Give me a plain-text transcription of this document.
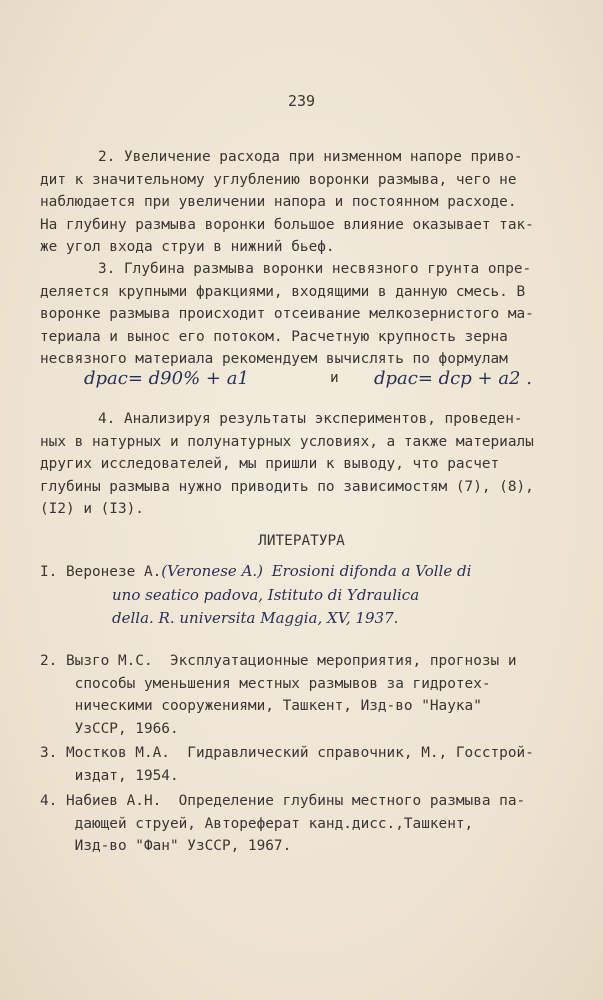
239
2. Увеличение расхода при низменном напоре приво-
дит к значительному углублению воронки размыва, чего не
наблюдается при увеличении напора и постоянном расходе.
На глубину размыва воронки большое влияние оказывает так-
же угол входа струи в нижний бьеф.
3. Глубина размыва воронки несвязного грунта опре-
деляется крупными фракциями, входящими в данную смесь. В
воронке размыва происходит отсеивание мелкозернистого ма-
териала и вынос его потоком. Расчетную крупность зерна
несвязного материала рекомендуем вычислять по формулам
dрас= d90% + a1	и dрас= dср + a2 .
4. Анализируя результаты экспериментов, проведен-
ных в натурных и полунатурных условиях, а также материалы
других исследователей, мы пришли к выводу, что расчет
глубины размыва нужно приводить по зависимостям (7), (8),
(I2) и (I3).
ЛИТЕРАТУРА
I. Веронезе А.(Veronese A.) Erosioni difonda a Volle di
uno seatico padova, Istituto di Ydraulica
della. R. universita Maggia, XV, 1937.
2. Вызго М.С.  Эксплуатационные мероприятия, прогнозы и
способы уменьшения местных размывов за гидротех-
ническими сооружениями, Ташкент, Изд-во "Наука"
УзССР, 1966.
3. Мостков М.А.  Гидравлический справочник, М., Госстрой-
издат, 1954.
4. Набиев А.Н.  Определение глубины местного размыва па-
дающей струей, Автореферат канд.дисс.,Ташкент,
Изд-во "Фан" УзССР, 1967.
